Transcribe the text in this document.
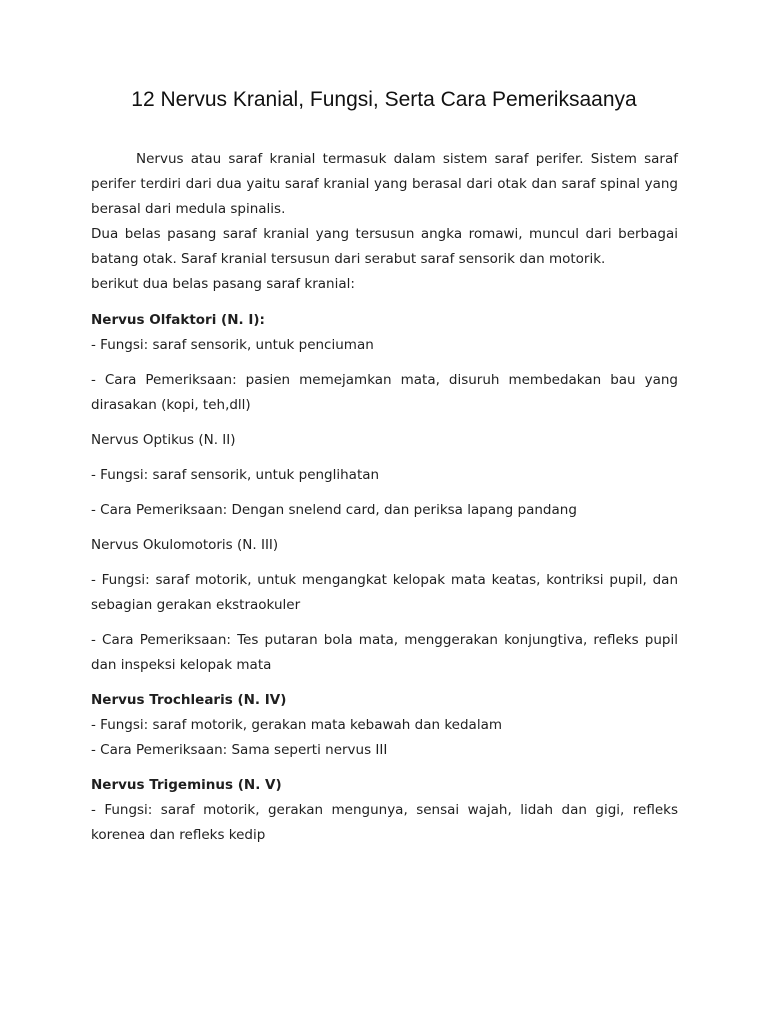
12 Nervus Kranial, Fungsi, Serta Cara Pemeriksaanya

Nervus atau saraf kranial termasuk dalam sistem saraf perifer. Sistem saraf perifer terdiri dari dua yaitu saraf kranial yang berasal dari otak dan saraf spinal yang berasal dari medula spinalis.

Dua belas pasang saraf kranial yang tersusun angka romawi, muncul dari berbagai batang otak. Saraf kranial tersusun dari serabut saraf sensorik dan motorik.

berikut dua belas pasang saraf kranial:

Nervus Olfaktori (N. I):

- Fungsi: saraf sensorik, untuk penciuman

- Cara Pemeriksaan: pasien memejamkan mata, disuruh membedakan bau yang dirasakan (kopi, teh,dll)

Nervus Optikus (N. II)

- Fungsi: saraf sensorik, untuk penglihatan

- Cara Pemeriksaan: Dengan snelend card, dan periksa lapang pandang

Nervus Okulomotoris (N. III)

- Fungsi: saraf motorik, untuk mengangkat kelopak mata keatas, kontriksi pupil, dan sebagian gerakan ekstraokuler

- Cara Pemeriksaan: Tes putaran bola mata, menggerakan konjungtiva, refleks pupil dan inspeksi kelopak mata

Nervus Trochlearis (N. IV)

- Fungsi: saraf motorik, gerakan mata kebawah dan kedalam

- Cara Pemeriksaan: Sama seperti nervus III

Nervus Trigeminus (N. V)

- Fungsi: saraf motorik, gerakan mengunya, sensai wajah, lidah dan gigi, refleks korenea dan refleks kedip
